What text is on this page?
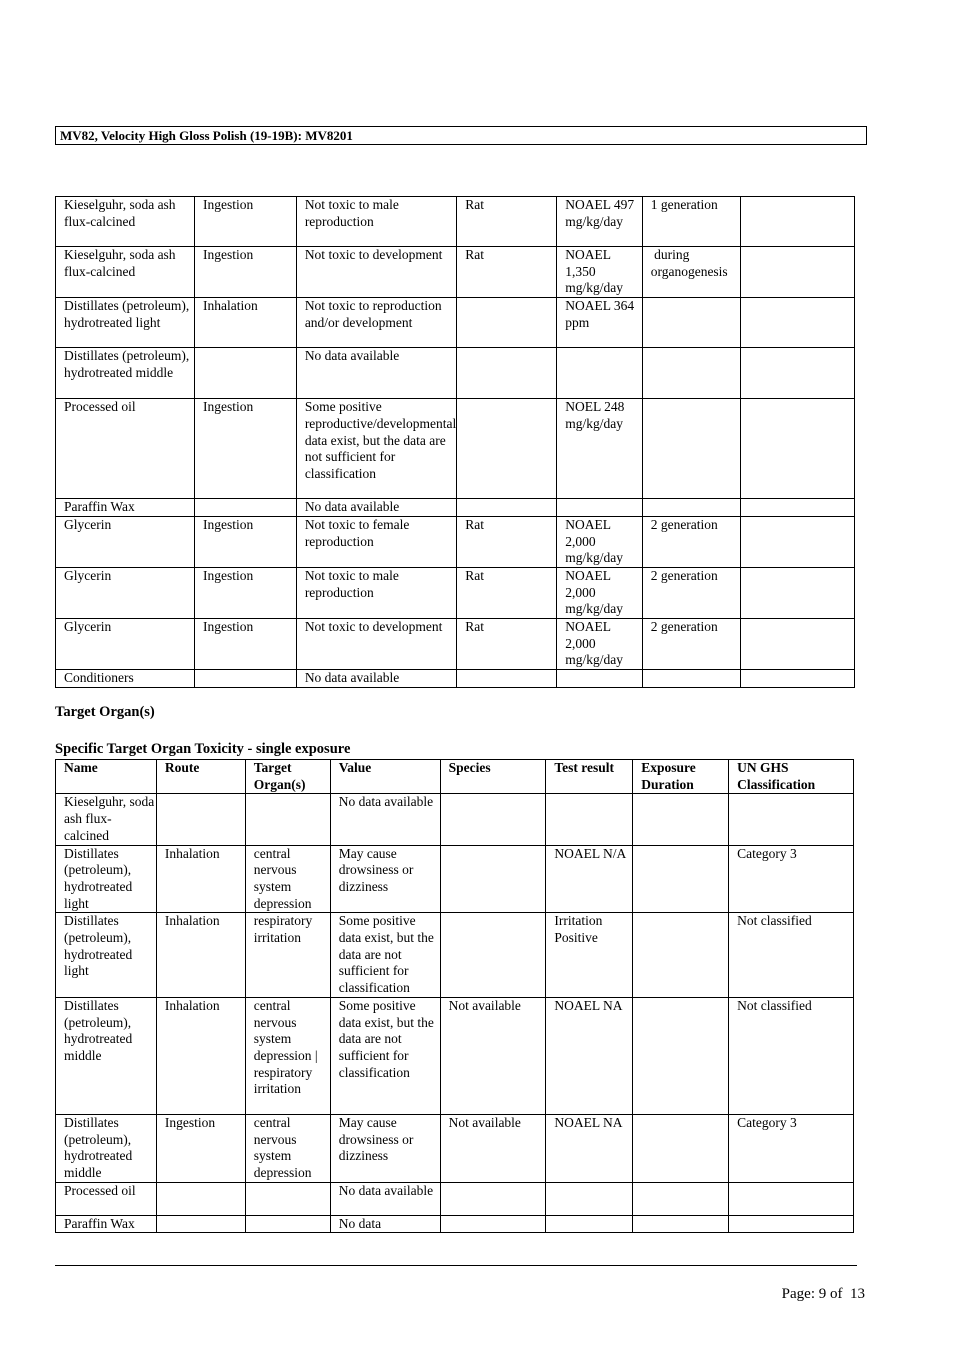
MV82, Velocity High Gloss Polish (19-19B): MV8201
Kieselguhr, soda ash flux-calcined	Ingestion	Not toxic to male reproduction	Rat	NOAEL 497 mg/kg/day	1 generation	
Kieselguhr, soda ash flux-calcined	Ingestion	Not toxic to development	Rat	NOAEL 1,350 mg/kg/day	during organogenesis	
Distillates (petroleum), hydrotreated light	Inhalation	Not toxic to reproduction and/or development		NOAEL 364 ppm		
Distillates (petroleum), hydrotreated middle		No data available				
Processed oil	Ingestion	Some positive reproductive/developmental data exist, but the data are not sufficient for classification		NOEL 248 mg/kg/day		
Paraffin Wax		No data available				
Glycerin	Ingestion	Not toxic to female reproduction	Rat	NOAEL 2,000 mg/kg/day	2 generation	
Glycerin	Ingestion	Not toxic to male reproduction	Rat	NOAEL 2,000 mg/kg/day	2 generation	
Glycerin	Ingestion	Not toxic to development	Rat	NOAEL 2,000 mg/kg/day	2 generation	
Conditioners		No data available				
Target Organ(s)
Specific Target Organ Toxicity - single exposure
Name	Route	Target Organ(s)	Value	Species	Test result	Exposure Duration	UN GHS Classification
Kieselguhr, soda ash flux-calcined			No data available				
Distillates (petroleum), hydrotreated light	Inhalation	central nervous system depression	May cause drowsiness or dizziness		NOAEL N/A		Category 3
Distillates (petroleum), hydrotreated light	Inhalation	respiratory irritation	Some positive data exist, but the data are not sufficient for classification		Irritation Positive		Not classified
Distillates (petroleum), hydrotreated middle	Inhalation	central nervous system depression | respiratory irritation	Some positive data exist, but the data are not sufficient for classification	Not available	NOAEL NA		Not classified
Distillates (petroleum), hydrotreated middle	Ingestion	central nervous system depression	May cause drowsiness or dizziness	Not available	NOAEL NA		Category 3
Processed oil			No data available				
Paraffin Wax			No data				
Page: 9 of  13
